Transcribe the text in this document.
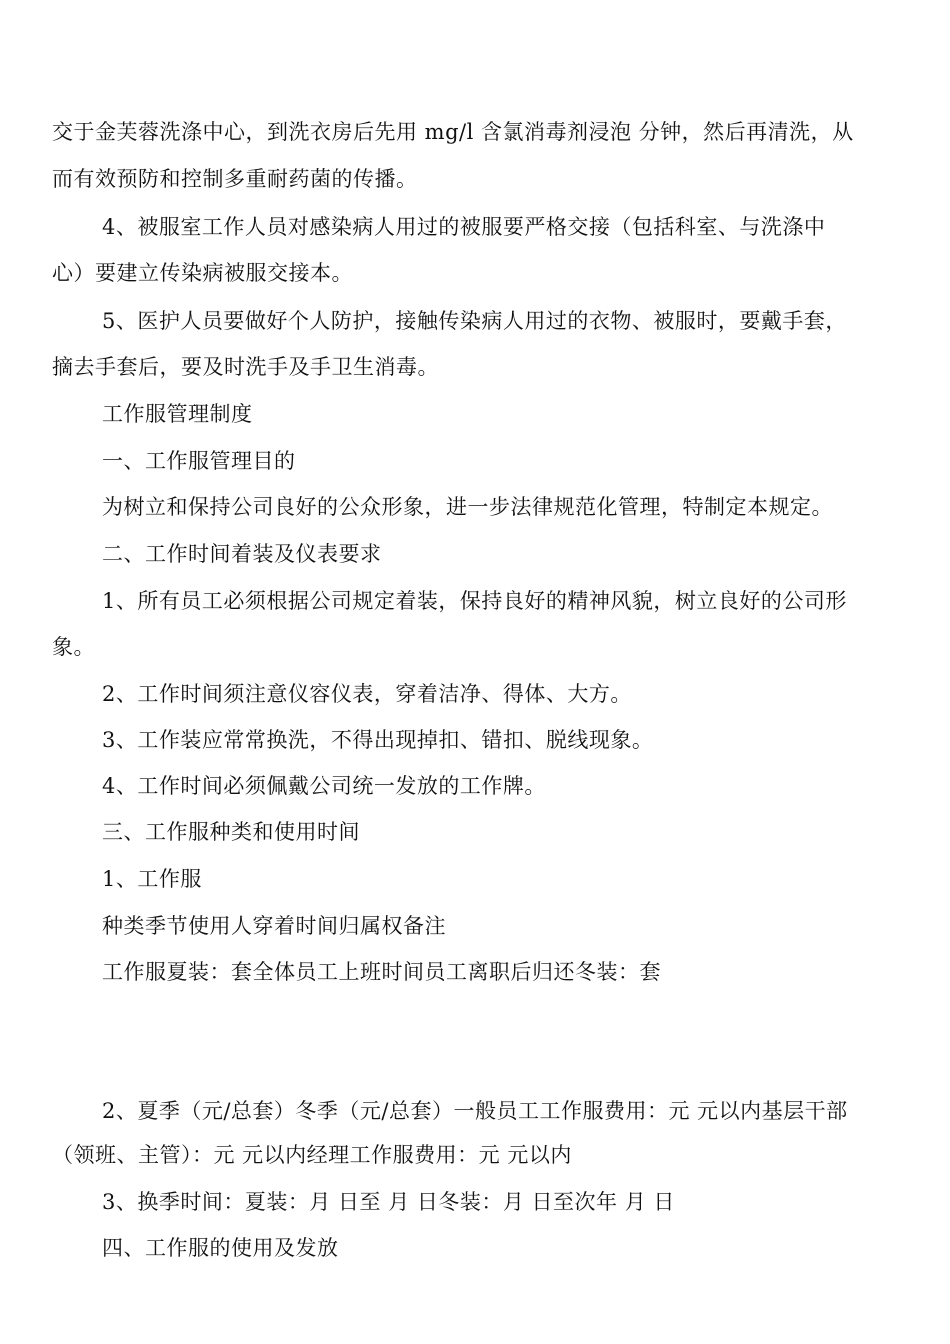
交于金芙蓉洗涤中心，到洗衣房后先用 mg/l 含氯消毒剂浸泡 分钟，然后再清洗，从
而有效预防和控制多重耐药菌的传播。
4、被服室工作人员对感染病人用过的被服要严格交接（包括科室、与洗涤中
心）要建立传染病被服交接本。
5、医护人员要做好个人防护，接触传染病人用过的衣物、被服时，要戴手套，
摘去手套后，要及时洗手及手卫生消毒。
工作服管理制度
一、工作服管理目的
为树立和保持公司良好的公众形象，进一步法律规范化管理，特制定本规定。
二、工作时间着装及仪表要求
1、所有员工必须根据公司规定着装，保持良好的精神风貌，树立良好的公司形
象。
2、工作时间须注意仪容仪表，穿着洁净、得体、大方。
3、工作装应常常换洗，不得出现掉扣、错扣、脱线现象。
4、工作时间必须佩戴公司统一发放的工作牌。
三、工作服种类和使用时间
1、工作服
种类季节使用人穿着时间归属权备注
工作服夏装：套全体员工上班时间员工离职后归还冬装：套
2、夏季（元/总套）冬季（元/总套）一般员工工作服费用：元 元以内基层干部
（领班、主管）：元 元以内经理工作服费用：元 元以内
3、换季时间：夏装：月 日至 月 日冬装：月 日至次年 月 日
四、工作服的使用及发放
